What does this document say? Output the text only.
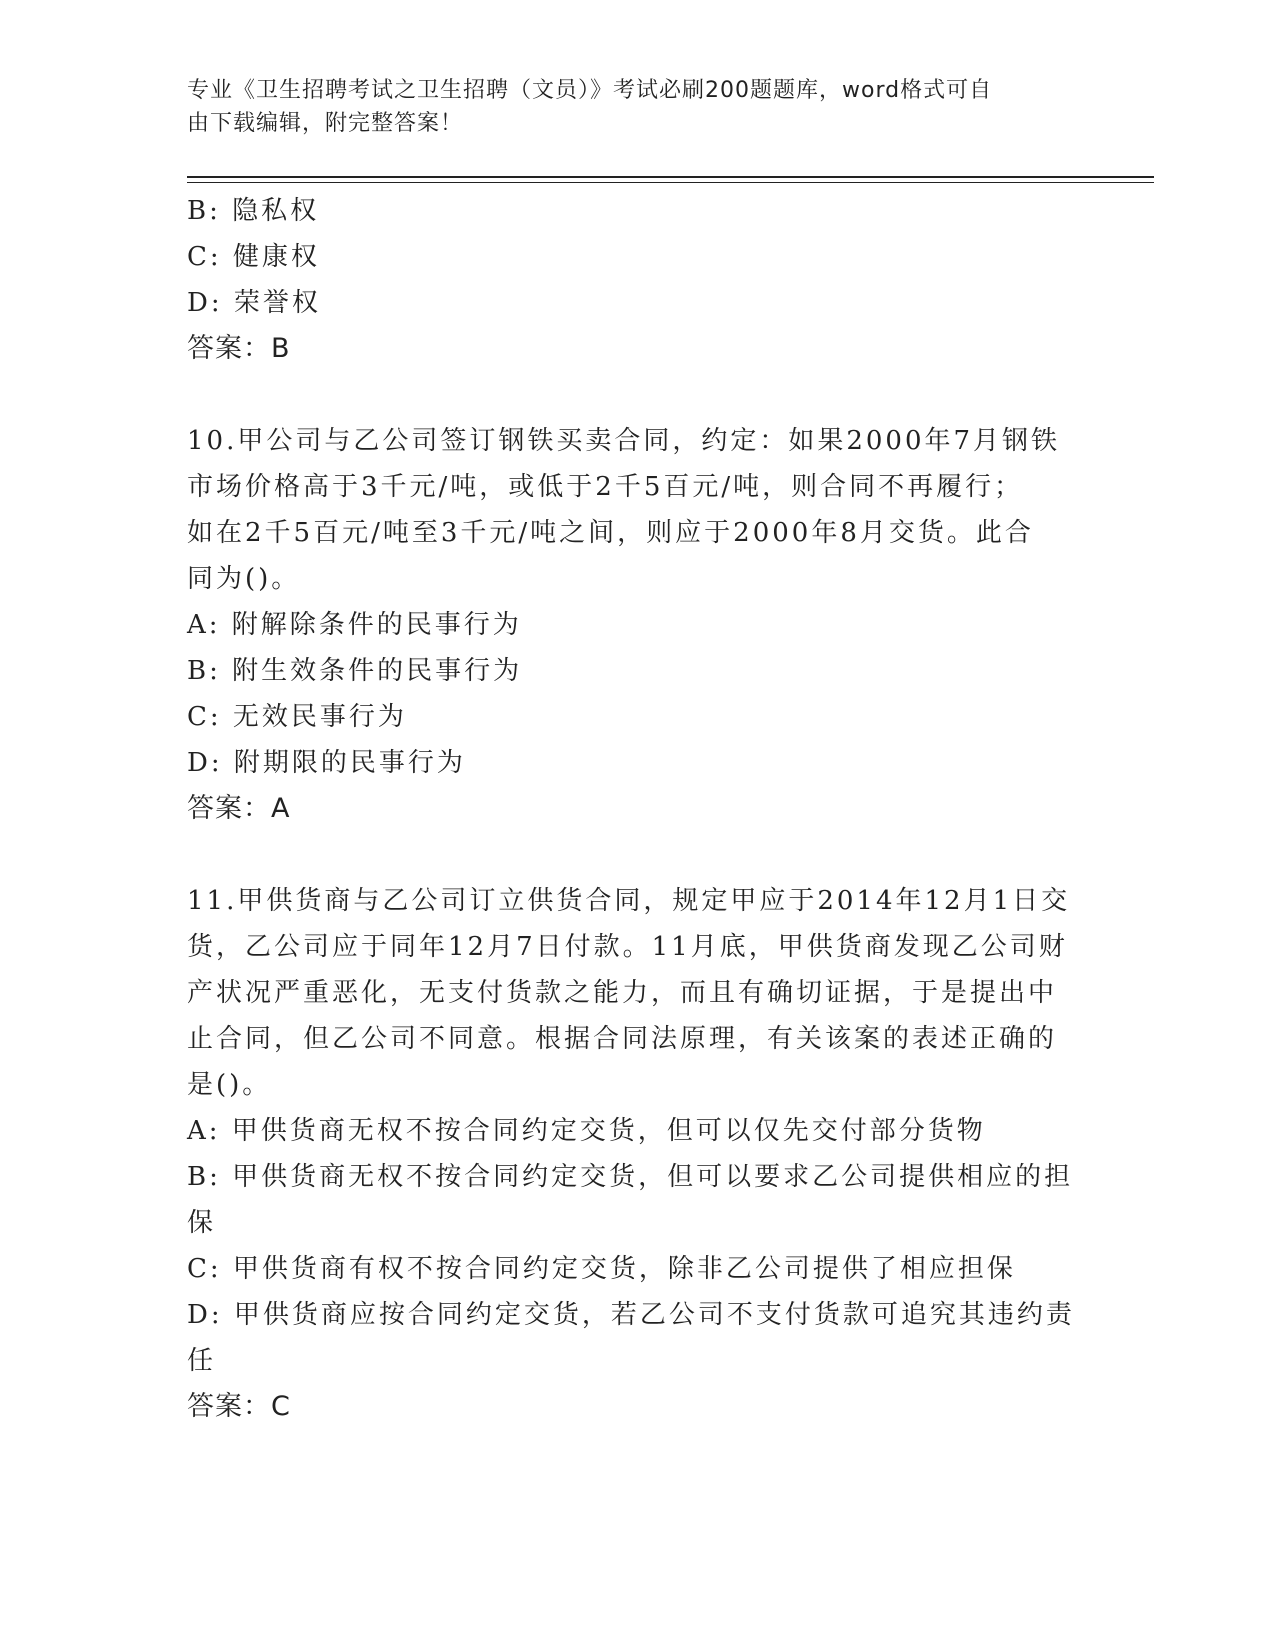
专业《卫生招聘考试之卫生招聘（文员）》考试必刷200题题库，word格式可自
由下载编辑，附完整答案！
B: 隐私权
C: 健康权
D: 荣誉权
答案：B
10.甲公司与乙公司签订钢铁买卖合同，约定：如果2000年7月钢铁
市场价格高于3千元/吨，或低于2千5百元/吨，则合同不再履行；
如在2千5百元/吨至3千元/吨之间，则应于2000年8月交货。此合
同为()。
A: 附解除条件的民事行为
B: 附生效条件的民事行为
C: 无效民事行为
D: 附期限的民事行为
答案：A
11.甲供货商与乙公司订立供货合同，规定甲应于2014年12月1日交
货，乙公司应于同年12月7日付款。11月底，甲供货商发现乙公司财
产状况严重恶化，无支付货款之能力，而且有确切证据，于是提出中
止合同，但乙公司不同意。根据合同法原理，有关该案的表述正确的
是()。
A: 甲供货商无权不按合同约定交货，但可以仅先交付部分货物
B: 甲供货商无权不按合同约定交货，但可以要求乙公司提供相应的担
保
C: 甲供货商有权不按合同约定交货，除非乙公司提供了相应担保
D: 甲供货商应按合同约定交货，若乙公司不支付货款可追究其违约责
任
答案：C
